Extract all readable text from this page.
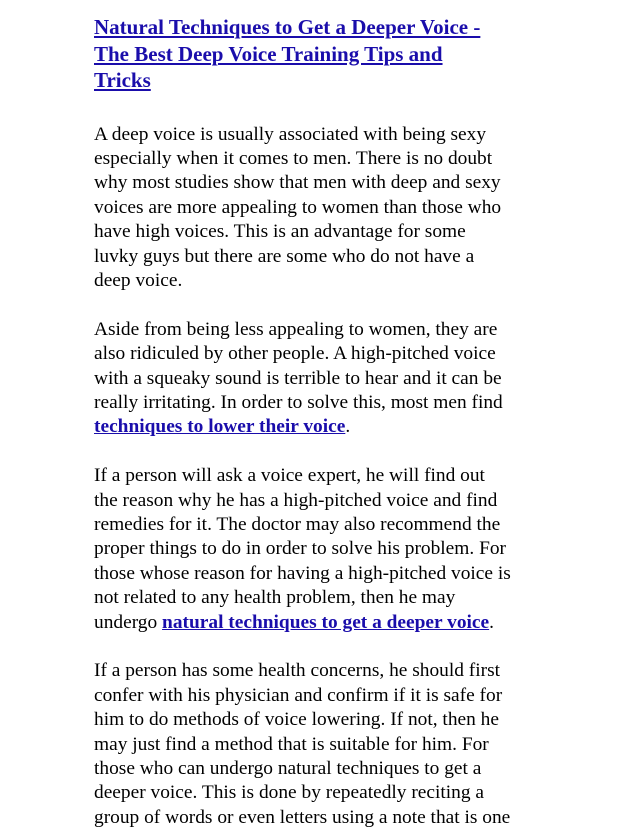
Natural Techniques to Get a Deeper Voice -
The Best Deep Voice Training Tips and
Tricks

A deep voice is usually associated with being sexy
especially when it comes to men. There is no doubt
why most studies show that men with deep and sexy
voices are more appealing to women than those who
have high voices. This is an advantage for some
luvky guys but there are some who do not have a
deep voice.

Aside from being less appealing to women, they are
also ridiculed by other people. A high-pitched voice
with a squeaky sound is terrible to hear and it can be
really irritating. In order to solve this, most men find
techniques to lower their voice.

If a person will ask a voice expert, he will find out
the reason why he has a high-pitched voice and find
remedies for it. The doctor may also recommend the
proper things to do in order to solve his problem. For
those whose reason for having a high-pitched voice is
not related to any health problem, then he may
undergo natural techniques to get a deeper voice.

If a person has some health concerns, he should first
confer with his physician and confirm if it is safe for
him to do methods of voice lowering. If not, then he
may just find a method that is suitable for him. For
those who can undergo natural techniques to get a
deeper voice. This is done by repeatedly reciting a
group of words or even letters using a note that is one
